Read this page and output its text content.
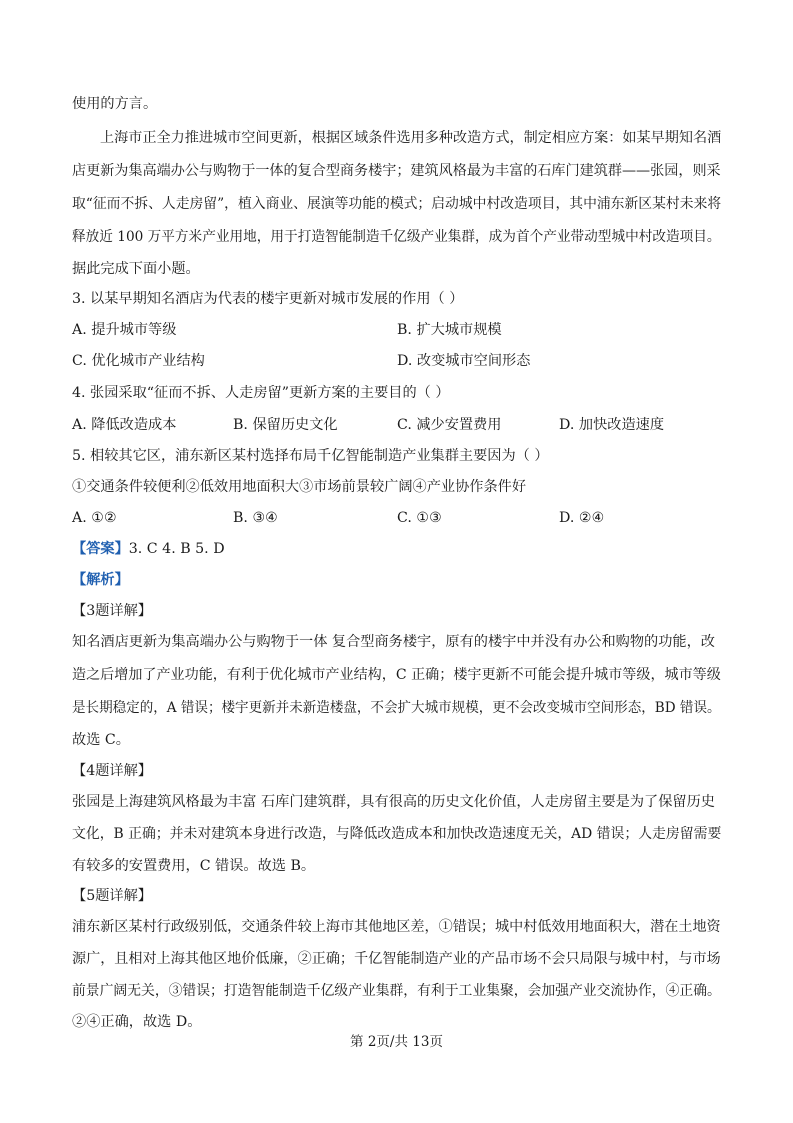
使用的方言。
上海市正全力推进城市空间更新，根据区域条件选用多种改造方式，制定相应方案：如某早期知名酒
店更新为集高端办公与购物于一体的复合型商务楼宇；建筑风格最为丰富的石库门建筑群——张园，则采
取“征而不拆、人走房留”，植入商业、展演等功能的模式；启动城中村改造项目，其中浦东新区某村未来将
释放近 100 万平方米产业用地，用于打造智能制造千亿级产业集群，成为首个产业带动型城中村改造项目。
据此完成下面小题。
3. 以某早期知名酒店为代表的楼宇更新对城市发展的作用（ ）
A. 提升城市等级	B. 扩大城市规模
C. 优化城市产业结构	D. 改变城市空间形态
4. 张园采取“征而不拆、人走房留”更新方案的主要目的（ ）
A. 降低改造成本	B. 保留历史文化	C. 减少安置费用	D. 加快改造速度
5. 相较其它区，浦东新区某村选择布局千亿智能制造产业集群主要因为（ ）
①交通条件较便利②低效用地面积大③市场前景较广阔④产业协作条件好
A. ①②	B. ③④	C. ①③	D. ②④
【答案】3. C 4. B 5. D
【解析】
【3题详解】
知名酒店更新为集高端办公与购物于一体 复合型商务楼宇，原有的楼宇中并没有办公和购物的功能，改
造之后增加了产业功能，有利于优化城市产业结构，C 正确；楼宇更新不可能会提升城市等级，城市等级
是长期稳定的，A 错误；楼宇更新并未新造楼盘，不会扩大城市规模，更不会改变城市空间形态，BD 错误。
故选 C。
【4题详解】
张园是上海建筑风格最为丰富 石库门建筑群，具有很高的历史文化价值，人走房留主要是为了保留历史
文化，B 正确；并未对建筑本身进行改造，与降低改造成本和加快改造速度无关，AD 错误；人走房留需要
有较多的安置费用，C 错误。故选 B。
【5题详解】
浦东新区某村行政级别低，交通条件较上海市其他地区差，①错误；城中村低效用地面积大，潜在土地资
源广，且相对上海其他区地价低廉，②正确；千亿智能制造产业的产品市场不会只局限与城中村，与市场
前景广阔无关，③错误；打造智能制造千亿级产业集群，有利于工业集聚，会加强产业交流协作，④正确。
②④正确，故选 D。
第 2页/共 13页
